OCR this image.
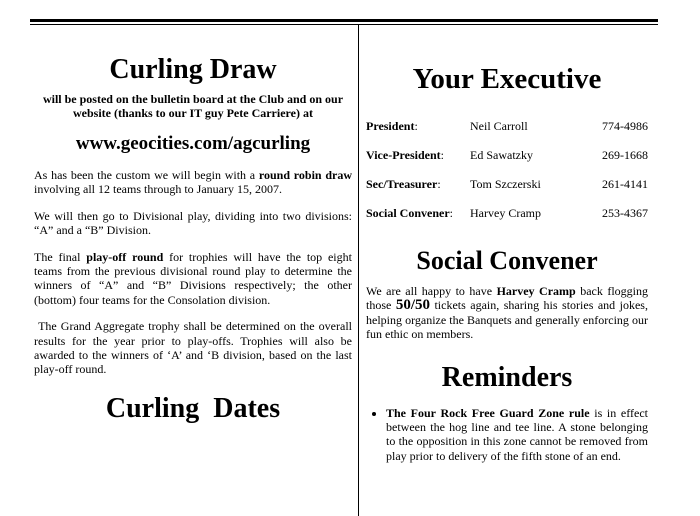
Curling Draw

will be posted on the bulletin board at the Club and on our website (thanks to our IT guy Pete Carriere) at

www.geocities.com/agcurling

As has been the custom we will begin with a round robin draw involving all 12 teams through to January 15, 2007.

We will then go to Divisional play, dividing into two divisions: “A” and a “B” Division.

The final play-off round for trophies will have the top eight teams from the previous divisional round play to determine the winners of “A” and “B” Divisions respectively; the other (bottom) four teams for the Consolation division.

The Grand Aggregate trophy shall be determined on the overall results for the year prior to play-offs. Trophies will also be awarded to the winners of ‘A’ and ‘B division, based on the last play-off round.

Curling  Dates
Your Executive
President:	Neil Carroll	774-4986
Vice-President:	Ed Sawatzky	269-1668
Sec/Treasurer:	Tom Szczerski	261-4141
Social Convener:	Harvey Cramp	253-4367
Social Convener

We are all happy to have Harvey Cramp back flogging those 50/50 tickets again, sharing his stories and jokes, helping organize the Banquets and generally enforcing our fun ethic on members.

Reminders
• The Four Rock Free Guard Zone rule is in effect between the hog line and tee line. A stone belonging to the opposition in this zone cannot be removed from play prior to delivery of the fifth stone of an end.
